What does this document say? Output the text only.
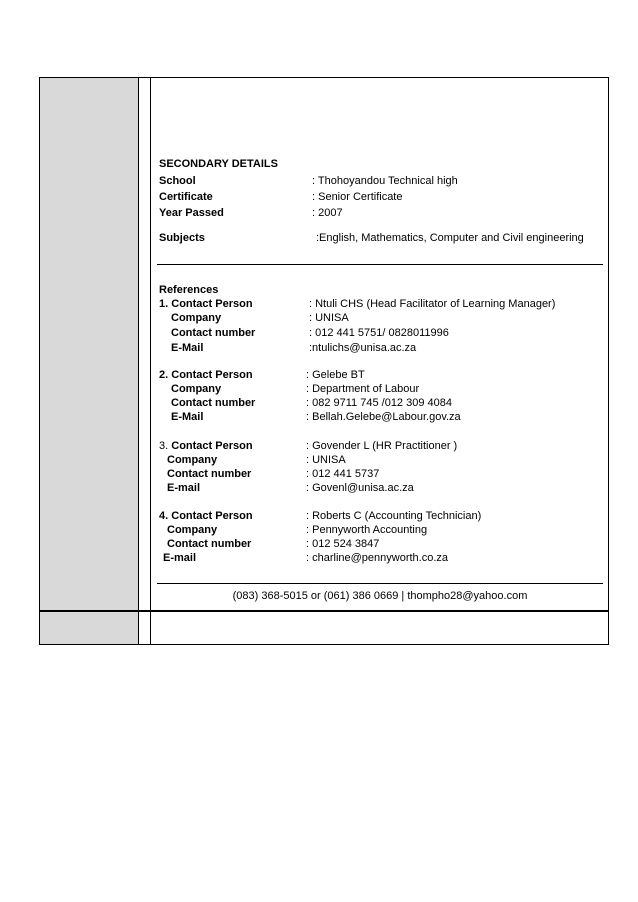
SECONDARY DETAILS
School	: Thohoyandou Technical high
Certificate	: Senior Certificate
Year Passed	: 2007
Subjects	:English, Mathematics, Computer and Civil engineering
References
1. Contact Person	: Ntuli CHS (Head Facilitator of Learning Manager)
Company	: UNISA
Contact number	: 012 441 5751/ 0828011996
E-Mail	:ntulichs@unisa.ac.za
2. Contact Person	: Gelebe BT
Company	: Department of Labour
Contact number	: 082 9711 745 /012 309 4084
E-Mail	: Bellah.Gelebe@Labour.gov.za
3. Contact Person	: Govender L (HR Practitioner )
Company	: UNISA
Contact number	: 012 441 5737
E-mail	: Govenl@unisa.ac.za
4. Contact Person	: Roberts C (Accounting Technician)
Company	: Pennyworth Accounting
Contact number	: 012 524 3847
E-mail	: charline@pennyworth.co.za
(083) 368-5015 or (061) 386 0669 | thompho28@yahoo.com
